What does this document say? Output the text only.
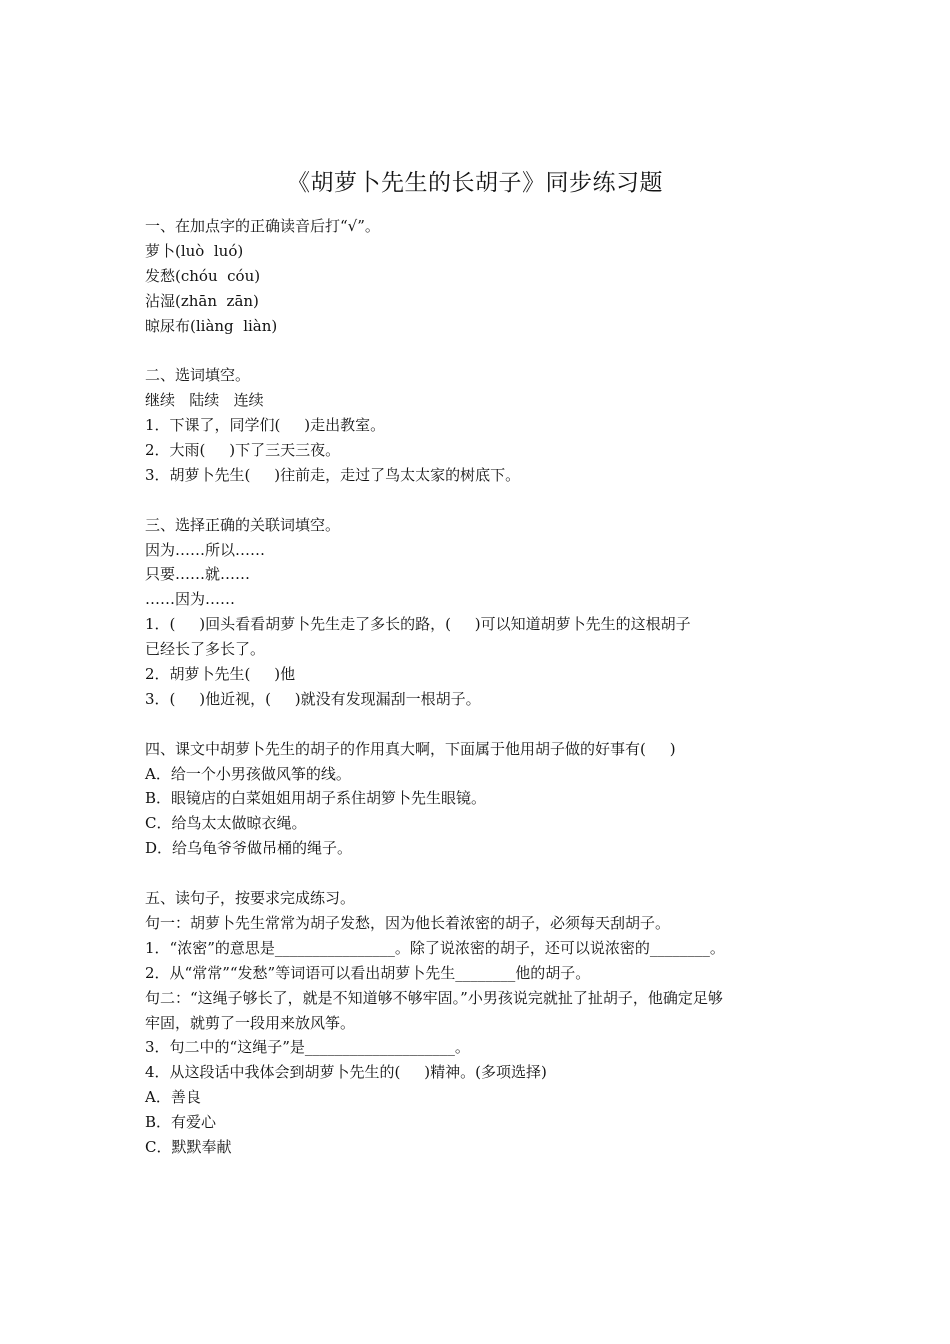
《胡萝卜先生的长胡子》同步练习题
一、在加点字的正确读音后打“√”。
萝卜(luò  luó)
发愁(chóu  cóu)
沾湿(zhān  zān)
晾尿布(liàng  liàn)
二、选词填空。
继续   陆续   连续
1．下课了，同学们(     )走出教室。
2．大雨(     )下了三天三夜。
3．胡萝卜先生(     )往前走，走过了鸟太太家的树底下。
三、选择正确的关联词填空。
因为……所以……
只要……就……
……因为……
1．(     )回头看看胡萝卜先生走了多长的路，(     )可以知道胡萝卜先生的这根胡子
已经长了多长了。
2．胡萝卜先生(     )他
3．(     )他近视，(     )就没有发现漏刮一根胡子。
四、课文中胡萝卜先生的胡子的作用真大啊，下面属于他用胡子做的好事有(     )
A．给一个小男孩做风筝的线。
B．眼镜店的白菜姐姐用胡子系住胡箩卜先生眼镜。
C．给鸟太太做晾衣绳。
D．给乌龟爷爷做吊桶的绳子。
五、读句子，按要求完成练习。
句一：胡萝卜先生常常为胡子发愁，因为他长着浓密的胡子，必须每天刮胡子。
1．“浓密”的意思是________________。除了说浓密的胡子，还可以说浓密的________。
2．从“常常”“发愁”等词语可以看出胡萝卜先生________他的胡子。
句二：“这绳子够长了，就是不知道够不够牢固。”小男孩说完就扯了扯胡子，他确定足够
牢固，就剪了一段用来放风筝。
3．句二中的“这绳子”是____________________。
4．从这段话中我体会到胡萝卜先生的(     )精神。(多项选择)
A．善良
B．有爱心
C．默默奉献
